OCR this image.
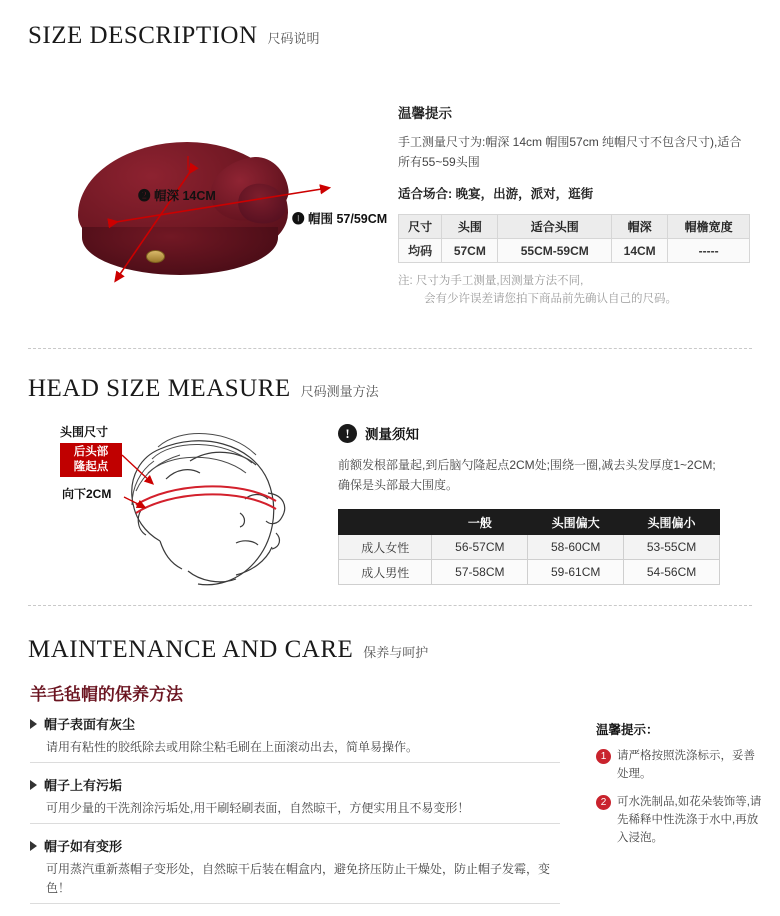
SIZE DESCRIPTION 尺码说明
❷ 帽深 14CM
❶ 帽围 57/59CM
温馨提示

手工测量尺寸为:帽深 14cm 帽围57cm 纯帽尺寸不包含尺寸),适合所有55~59头围

适合场合: 晚宴，出游，派对，逛街

尺寸	头围	适合头围	帽深	帽檐宽度
均码	57CM	55CM-59CM	14CM	-----
注: 尺寸为手工测量,因测量方法不同,
会有少许误差请您拍下商品前先确认自己的尺码。
HEAD SIZE MEASURE 尺码测量方法
头围尺寸
后头部
隆起点
向下2CM
!	测量须知

前额发根部量起,到后脑勺隆起点2CM处;围绕一圈,减去头发厚度1~2CM;确保是头部最大围度。

	一般	头围偏大	头围偏小
成人女性	56-57CM	58-60CM	53-55CM
成人男性	57-58CM	59-61CM	54-56CM
MAINTENANCE AND CARE 保养与呵护
羊毛毡帽的保养方法
帽子表面有灰尘
请用有粘性的胶纸除去或用除尘粘毛刷在上面滚动出去，简单易操作。
帽子上有污垢
可用少量的干洗剂涂污垢处,用干刷轻刷表面，自然晾干，方便实用且不易变形！
帽子如有变形
可用蒸汽重新蒸帽子变形处，自然晾干后装在帽盒内，避免挤压防止干燥处，防止帽子发霉，变色！
温馨提示：
1 请严格按照洗涤标示，妥善处理。
2 可水洗制品,如花朵装饰等,请先稀释中性洗涤于水中,再放入浸泡。
